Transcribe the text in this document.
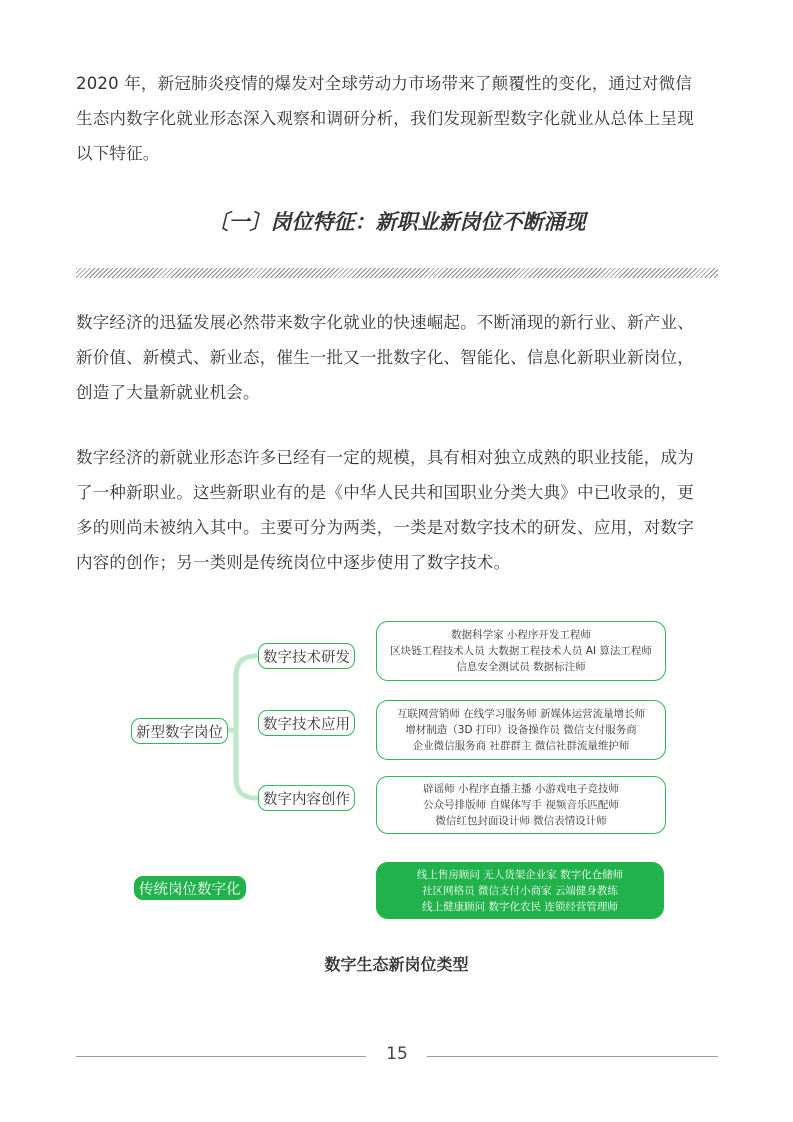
2020 年，新冠肺炎疫情的爆发对全球劳动力市场带来了颠覆性的变化，通过对微信
生态内数字化就业形态深入观察和调研分析，我们发现新型数字化就业从总体上呈现
以下特征。
〔一〕岗位特征：新职业新岗位不断涌现
数字经济的迅猛发展必然带来数字化就业的快速崛起。不断涌现的新行业、新产业、
新价值、新模式、新业态，催生一批又一批数字化、智能化、信息化新职业新岗位，
创造了大量新就业机会。
数字经济的新就业形态许多已经有一定的规模，具有相对独立成熟的职业技能，成为
了一种新职业。这些新职业有的是《中华人民共和国职业分类大典》中已收录的，更
多的则尚未被纳入其中。主要可分为两类，一类是对数字技术的研发、应用，对数字
内容的创作；另一类则是传统岗位中逐步使用了数字技术。
新型数字岗位
数字技术研发
数字技术应用
数字内容创作
数据科学家 小程序开发工程师
区块链工程技术人员 大数据工程技术人员 AI 算法工程师
信息安全测试员 数据标注师
互联网营销师 在线学习服务师 新媒体运营流量增长师
增材制造（3D 打印）设备操作员 微信支付服务商
企业微信服务商 社群群主 微信社群流量维护师
辟谣师 小程序直播主播 小游戏电子竞技师
公众号排版师 自媒体写手 视频音乐匹配师
微信红包封面设计师 微信表情设计师
传统岗位数字化
线上售房顾问 无人货架企业家 数字化仓储师
社区网格员 微信支付小商家 云端健身教练
线上健康顾问 数字化农民 连锁经营管理师

数字生态新岗位类型

15
